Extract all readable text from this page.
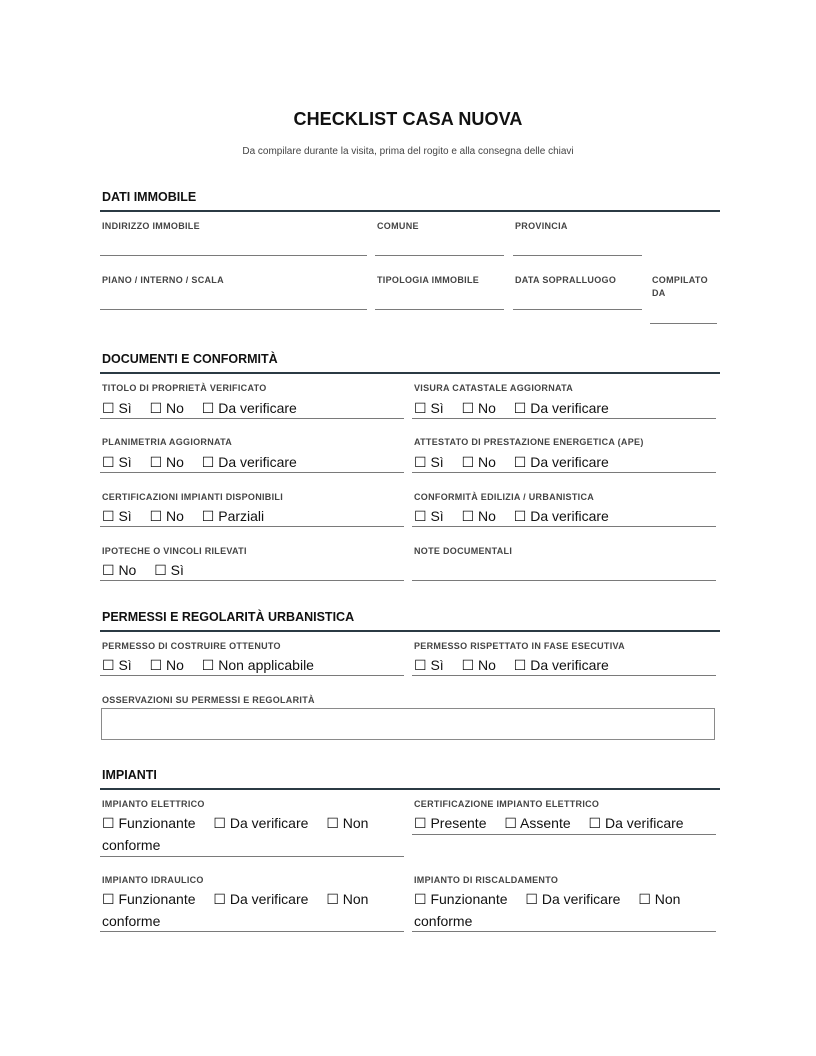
CHECKLIST CASA NUOVA
Da compilare durante la visita, prima del rogito e alla consegna delle chiavi
DATI IMMOBILE
INDIRIZZO IMMOBILE	COMUNE	PROVINCIA
PIANO / INTERNO / SCALA	TIPOLOGIA IMMOBILE	DATA SOPRALLUOGO	COMPILATO DA
DOCUMENTI E CONFORMITÀ
TITOLO DI PROPRIETÀ VERIFICATO
☐ Sì ☐ No ☐ Da verificare
VISURA CATASTALE AGGIORNATA
☐ Sì ☐ No ☐ Da verificare
PLANIMETRIA AGGIORNATA
☐ Sì ☐ No ☐ Da verificare
ATTESTATO DI PRESTAZIONE ENERGETICA (APE)
☐ Sì ☐ No ☐ Da verificare
CERTIFICAZIONI IMPIANTI DISPONIBILI
☐ Sì ☐ No ☐ Parziali
CONFORMITÀ EDILIZIA / URBANISTICA
☐ Sì ☐ No ☐ Da verificare
IPOTECHE O VINCOLI RILEVATI
☐ No ☐ Sì
NOTE DOCUMENTALI
PERMESSI E REGOLARITÀ URBANISTICA
PERMESSO DI COSTRUIRE OTTENUTO
☐ Sì ☐ No ☐ Non applicabile
PERMESSO RISPETTATO IN FASE ESECUTIVA
☐ Sì ☐ No ☐ Da verificare
OSSERVAZIONI SU PERMESSI E REGOLARITÀ
IMPIANTI
IMPIANTO ELETTRICO
☐ Funzionante ☐ Da verificare ☐ Non conforme
CERTIFICAZIONE IMPIANTO ELETTRICO
☐ Presente ☐ Assente ☐ Da verificare
IMPIANTO IDRAULICO
☐ Funzionante ☐ Da verificare ☐ Non conforme
IMPIANTO DI RISCALDAMENTO
☐ Funzionante ☐ Da verificare ☐ Non conforme
